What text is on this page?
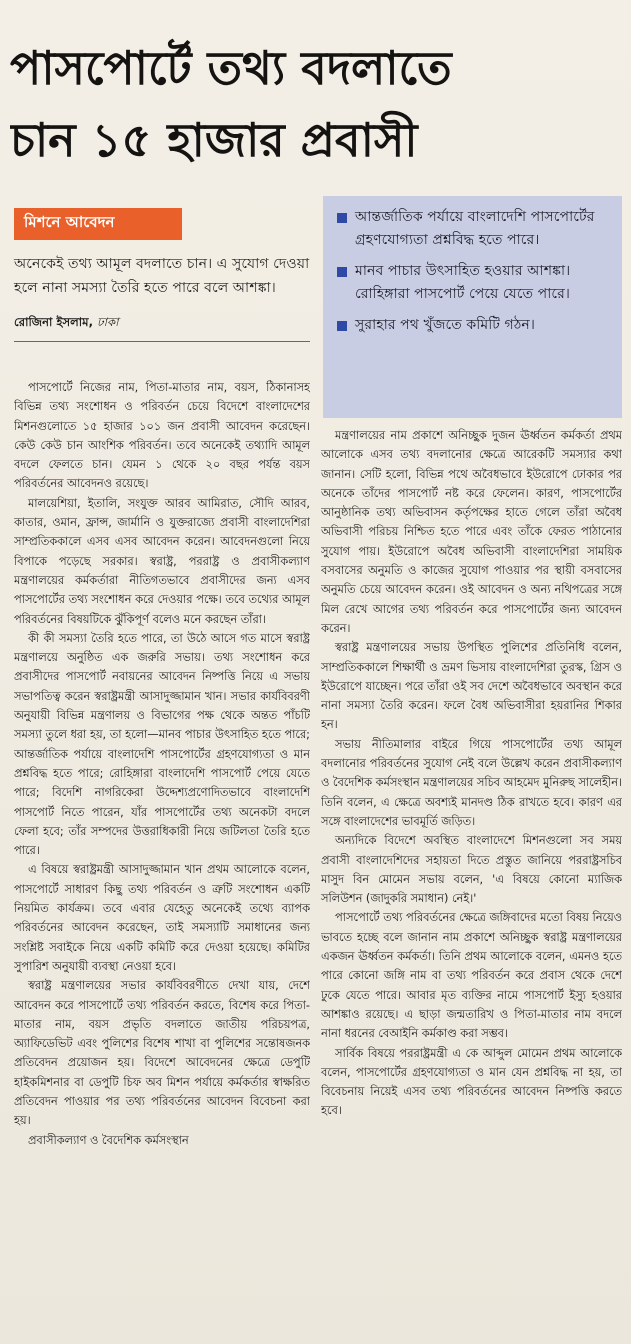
পাসপোর্টে তথ্য বদলাতে
চান ১৫ হাজার প্রবাসী
মিশনে আবেদন

অনেকেই তথ্য আমূল বদলাতে চান। এ সুযোগ দেওয়া হলে নানা সমস্যা তৈরি হতে পারে বলে আশঙ্কা।

রোজিনা ইসলাম, ঢাকা

আন্তর্জাতিক পর্যায়ে বাংলাদেশি পাসপোর্টের গ্রহণযোগ্যতা প্রশ্নবিদ্ধ হতে পারে।
মানব পাচার উৎসাহিত হওয়ার আশঙ্কা। রোহিঙ্গারা পাসপোর্ট পেয়ে যেতে পারে।
সুরাহার পথ খুঁজতে কমিটি গঠন।

পাসপোর্টে নিজের নাম, পিতা-মাতার নাম, বয়স, ঠিকানাসহ বিভিন্ন তথ্য সংশোধন ও পরিবর্তন চেয়ে বিদেশে বাংলাদেশের মিশনগুলোতে ১৫ হাজার ১০১ জন প্রবাসী আবেদন করেছেন। কেউ কেউ চান আংশিক পরিবর্তন। তবে অনেকেই তথ্যাদি আমূল বদলে ফেলতে চান। যেমন ১ থেকে ২০ বছর পর্যন্ত বয়স পরিবর্তনের আবেদনও রয়েছে।

মালয়েশিয়া, ইতালি, সংযুক্ত আরব আমিরাত, সৌদি আরব, কাতার, ওমান, ফ্রান্স, জার্মানি ও যুক্তরাজ্যে প্রবাসী বাংলাদেশিরা সাম্প্রতিককালে এসব এসব আবেদন করেন। আবেদনগুলো নিয়ে বিপাকে পড়েছে সরকার। স্বরাষ্ট্র, পররাষ্ট্র ও প্রবাসীকল্যাণ মন্ত্রণালয়ের কর্মকর্তারা নীতিগতভাবে প্রবাসীদের জন্য এসব পাসপোর্টের তথ্য সংশোধন করে দেওয়ার পক্ষে। তবে তথ্যের আমূল পরিবর্তনের বিষয়টিকে ঝুঁকিপূর্ণ বলেও মনে করছেন তাঁরা।

কী কী সমস্যা তৈরি হতে পারে, তা উঠে আসে গত মাসে স্বরাষ্ট্র মন্ত্রণালয়ে অনুষ্ঠিত এক জরুরি সভায়। তথ্য সংশোধন করে প্রবাসীদের পাসপোর্ট নবায়নের আবেদন নিষ্পত্তি নিয়ে এ সভায় সভাপতিত্ব করেন স্বরাষ্ট্রমন্ত্রী আসাদুজ্জামান খান। সভার কার্যবিবরণী অনুযায়ী বিভিন্ন মন্ত্রণালয় ও বিভাগের পক্ষ থেকে অন্তত পাঁচটি সমস্যা তুলে ধরা হয়, তা হলো—মানব পাচার উৎসাহিত হতে পারে; আন্তর্জাতিক পর্যায়ে বাংলাদেশি পাসপোর্টের গ্রহণযোগ্যতা ও মান প্রশ্নবিদ্ধ হতে পারে; রোহিঙ্গারা বাংলাদেশি পাসপোর্ট পেয়ে যেতে পারে; বিদেশি নাগরিকেরা উদ্দেশ্যপ্রণোদিতভাবে বাংলাদেশি পাসপোর্ট নিতে পারেন, যাঁর পাসপোর্টের তথ্য অনেকটা বদলে ফেলা হবে; তাঁর সম্পদের উত্তরাধিকারী নিয়ে জটিলতা তৈরি হতে পারে।

এ বিষয়ে স্বরাষ্ট্রমন্ত্রী আসাদুজ্জামান খান প্রথম আলোকে বলেন, পাসপোর্টে সাধারণ কিছু তথ্য পরিবর্তন ও ত্রুটি সংশোধন একটি নিয়মিত কার্যক্রম। তবে এবার যেহেতু অনেকেই তথ্যে ব্যাপক পরিবর্তনের আবেদন করেছেন, তাই সমস্যাটি সমাধানের জন্য সংশ্লিষ্ট সবাইকে নিয়ে একটি কমিটি করে দেওয়া হয়েছে। কমিটির সুপারিশ অনুযায়ী ব্যবস্থা নেওয়া হবে।

স্বরাষ্ট্র মন্ত্রণালয়ের সভার কার্যবিবরণীতে দেখা যায়, দেশে আবেদন করে পাসপোর্টে তথ্য পরিবর্তন করতে, বিশেষ করে পিতা-মাতার নাম, বয়স প্রভৃতি বদলাতে জাতীয় পরিচয়পত্র, অ্যাফিডেভিট এবং পুলিশের বিশেষ শাখা বা পুলিশের সন্তোষজনক প্রতিবেদন প্রয়োজন হয়। বিদেশে আবেদনের ক্ষেত্রে ডেপুটি হাইকমিশনার বা ডেপুটি চিফ অব মিশন পর্যায়ে কর্মকর্তার স্বাক্ষরিত প্রতিবেদন পাওয়ার পর তথ্য পরিবর্তনের আবেদন বিবেচনা করা হয়।

প্রবাসীকল্যাণ ও বৈদেশিক কর্মসংস্থান

মন্ত্রণালয়ের নাম প্রকাশে অনিচ্ছুক দুজন ঊর্ধ্বতন কর্মকর্তা প্রথম আলোকে এসব তথ্য বদলানোর ক্ষেত্রে আরেকটি সমস্যার কথা জানান। সেটি হলো, বিভিন্ন পথে অবৈধভাবে ইউরোপে ঢোকার পর অনেকে তাঁদের পাসপোর্ট নষ্ট করে ফেলেন। কারণ, পাসপোর্টের আনুষ্ঠানিক তথ্য অভিবাসন কর্তৃপক্ষের হাতে গেলে তাঁরা অবৈধ অভিবাসী পরিচয় নিশ্চিত হতে পারে এবং তাঁকে ফেরত পাঠানোর সুযোগ পায়। ইউরোপে অবৈধ অভিবাসী বাংলাদেশিরা সাময়িক বসবাসের অনুমতি ও কাজের সুযোগ পাওয়ার পর স্থায়ী বসবাসের অনুমতি চেয়ে আবেদন করেন। ওই আবেদন ও অন্য নথিপত্রের সঙ্গে মিল রেখে আগের তথ্য পরিবর্তন করে পাসপোর্টের জন্য আবেদন করেন।

স্বরাষ্ট্র মন্ত্রণালয়ের সভায় উপস্থিত পুলিশের প্রতিনিধি বলেন, সাম্প্রতিককালে শিক্ষার্থী ও ভ্রমণ ভিসায় বাংলাদেশিরা তুরস্ক, গ্রিস ও ইউরোপে যাচ্ছেন। পরে তাঁরা ওই সব দেশে অবৈধভাবে অবস্থান করে নানা সমস্যা তৈরি করেন। ফলে বৈধ অভিবাসীরা হয়রানির শিকার হন।

সভায় নীতিমালার বাইরে গিয়ে পাসপোর্টের তথ্য আমূল বদলানোর পরিবর্তনের সুযোগ নেই বলে উল্লেখ করেন প্রবাসীকল্যাণ ও বৈদেশিক কর্মসংস্থান মন্ত্রণালয়ের সচিব আহমেদ মুনিরুছ সালেহীন। তিনি বলেন, এ ক্ষেত্রে অবশ্যই মানদণ্ড ঠিক রাখতে হবে। কারণ এর সঙ্গে বাংলাদেশের ভাবমূর্তি জড়িত।

অন্যদিকে বিদেশে অবস্থিত বাংলাদেশে মিশনগুলো সব সময় প্রবাসী বাংলাদেশিদের সহায়তা দিতে প্রস্তুত জানিয়ে পররাষ্ট্রসচিব মাসুদ বিন মোমেন সভায় বলেন, 'এ বিষয়ে কোনো ম্যাজিক সলিউশন (জাদুকরি সমাধান) নেই।'

পাসপোর্টে তথ্য পরিবর্তনের ক্ষেত্রে জঙ্গিবাদের মতো বিষয় নিয়েও ভাবতে হচ্ছে বলে জানান নাম প্রকাশে অনিচ্ছুক স্বরাষ্ট্র মন্ত্রণালয়ের একজন ঊর্ধ্বতন কর্মকর্তা। তিনি প্রথম আলোকে বলেন, এমনও হতে পারে কোনো জঙ্গি নাম বা তথ্য পরিবর্তন করে প্রবাস থেকে দেশে ঢুকে যেতে পারে। আবার মৃত ব্যক্তির নামে পাসপোর্ট ইস্যু হওয়ার আশঙ্কাও রয়েছে। এ ছাড়া জন্মতারিখ ও পিতা-মাতার নাম বদলে নানা ধরনের বেআইনি কর্মকাণ্ড করা সম্ভব।

সার্বিক বিষয়ে পররাষ্ট্রমন্ত্রী এ কে আব্দুল মোমেন প্রথম আলোকে বলেন, পাসপোর্টের গ্রহণযোগ্যতা ও মান যেন প্রশ্নবিদ্ধ না হয়, তা বিবেচনায় নিয়েই এসব তথ্য পরিবর্তনের আবেদন নিষ্পত্তি করতে হবে।
